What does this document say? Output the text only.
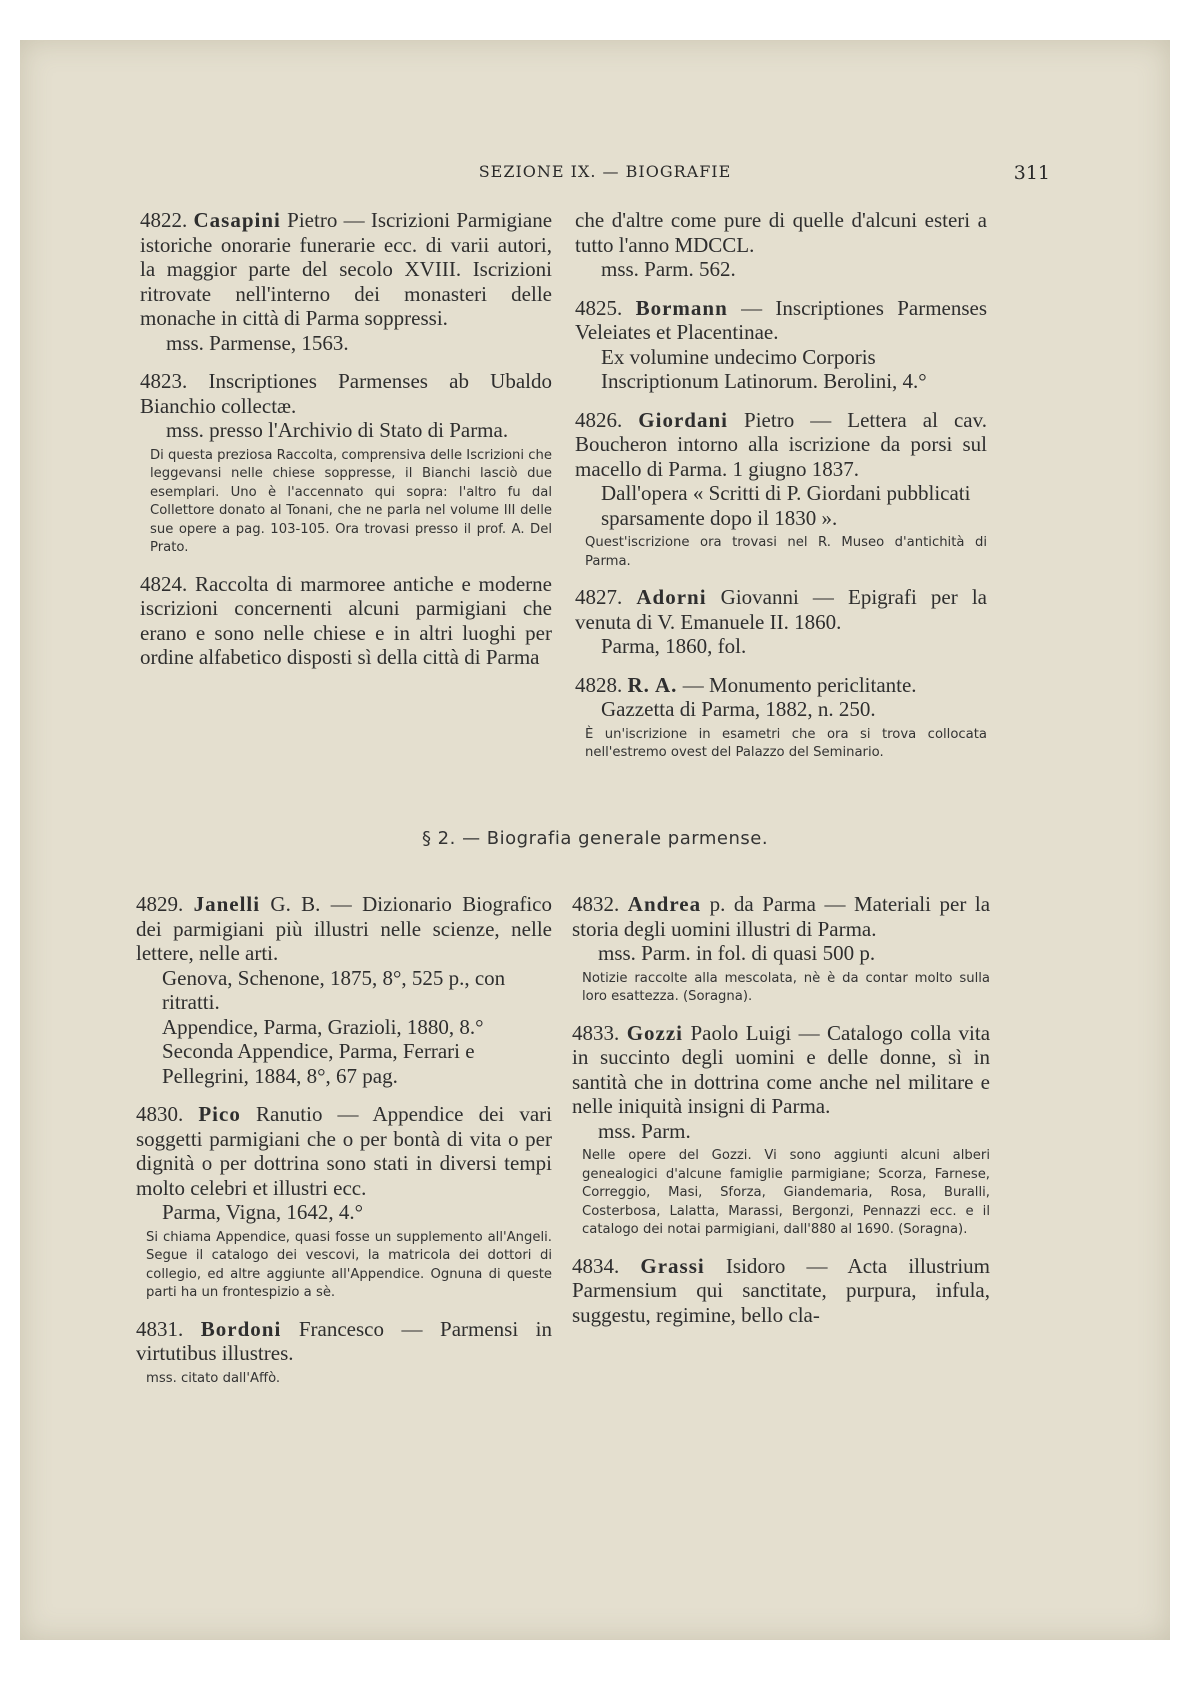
SEZIONE IX. — BIOGRAFIE	311
4822. Casapini Pietro — Iscrizioni Parmigiane istoriche onorarie funerarie ecc. di varii autori, la maggior parte del secolo XVIII. Iscrizioni ritrovate nell'interno dei monasteri delle monache in città di Parma soppressi.
mss. Parmense, 1563.
4823. Inscriptiones Parmenses ab Ubaldo Bianchio collectæ.
mss. presso l'Archivio di Stato di Parma.
Di questa preziosa Raccolta, comprensiva delle Iscrizioni che leggevansi nelle chiese soppresse, il Bianchi lasciò due esemplari. Uno è l'accennato qui sopra: l'altro fu dal Collettore donato al Tonani, che ne parla nel volume III delle sue opere a pag. 103-105. Ora trovasi presso il prof. A. Del Prato.
4824. Raccolta di marmoree antiche e moderne iscrizioni concernenti alcuni parmigiani che erano e sono nelle chiese e in altri luoghi per ordine alfabetico disposti sì della città di Parma
che d'altre come pure di quelle d'alcuni esteri a tutto l'anno MDCCL.
mss. Parm. 562.
4825. Bormann — Inscriptiones Parmenses Veleiates et Placentinae.
Ex volumine undecimo Corporis Inscriptionum Latinorum. Berolini, 4.°
4826. Giordani Pietro — Lettera al cav. Boucheron intorno alla iscrizione da porsi sul macello di Parma. 1 giugno 1837.
Dall'opera « Scritti di P. Giordani pubblicati sparsamente dopo il 1830 ».
Quest'iscrizione ora trovasi nel R. Museo d'antichità di Parma.
4827. Adorni Giovanni — Epigrafi per la venuta di V. Emanuele II. 1860.
Parma, 1860, fol.
4828. R. A. — Monumento periclitante.
Gazzetta di Parma, 1882, n. 250.
È un'iscrizione in esametri che ora si trova collocata nell'estremo ovest del Palazzo del Seminario.
§ 2. — Biografia generale parmense.
4829. Janelli G. B. — Dizionario Biografico dei parmigiani più illustri nelle scienze, nelle lettere, nelle arti.
Genova, Schenone, 1875, 8°, 525 p., con ritratti.
Appendice, Parma, Grazioli, 1880, 8.°
Seconda Appendice, Parma, Ferrari e Pellegrini, 1884, 8°, 67 pag.
4830. Pico Ranutio — Appendice dei vari soggetti parmigiani che o per bontà di vita o per dignità o per dottrina sono stati in diversi tempi molto celebri et illustri ecc.
Parma, Vigna, 1642, 4.°
Si chiama Appendice, quasi fosse un supplemento all'Angeli. Segue il catalogo dei vescovi, la matricola dei dottori di collegio, ed altre aggiunte all'Appendice. Ognuna di queste parti ha un frontespizio a sè.
4831. Bordoni Francesco — Parmensi in virtutibus illustres.
mss. citato dall'Affò.
4832. Andrea p. da Parma — Materiali per la storia degli uomini illustri di Parma.
mss. Parm. in fol. di quasi 500 p.
Notizie raccolte alla mescolata, nè è da contar molto sulla loro esattezza. (Soragna).
4833. Gozzi Paolo Luigi — Catalogo colla vita in succinto degli uomini e delle donne, sì in santità che in dottrina come anche nel militare e nelle iniquità insigni di Parma.
mss. Parm.
Nelle opere del Gozzi. Vi sono aggiunti alcuni alberi genealogici d'alcune famiglie parmigiane; Scorza, Farnese, Correggio, Masi, Sforza, Giandemaria, Rosa, Buralli, Costerbosa, Lalatta, Marassi, Bergonzi, Pennazzi ecc. e il catalogo dei notai parmigiani, dall'880 al 1690. (Soragna).
4834. Grassi Isidoro — Acta illustrium Parmensium qui sanctitate, purpura, infula, suggestu, regimine, bello cla-
